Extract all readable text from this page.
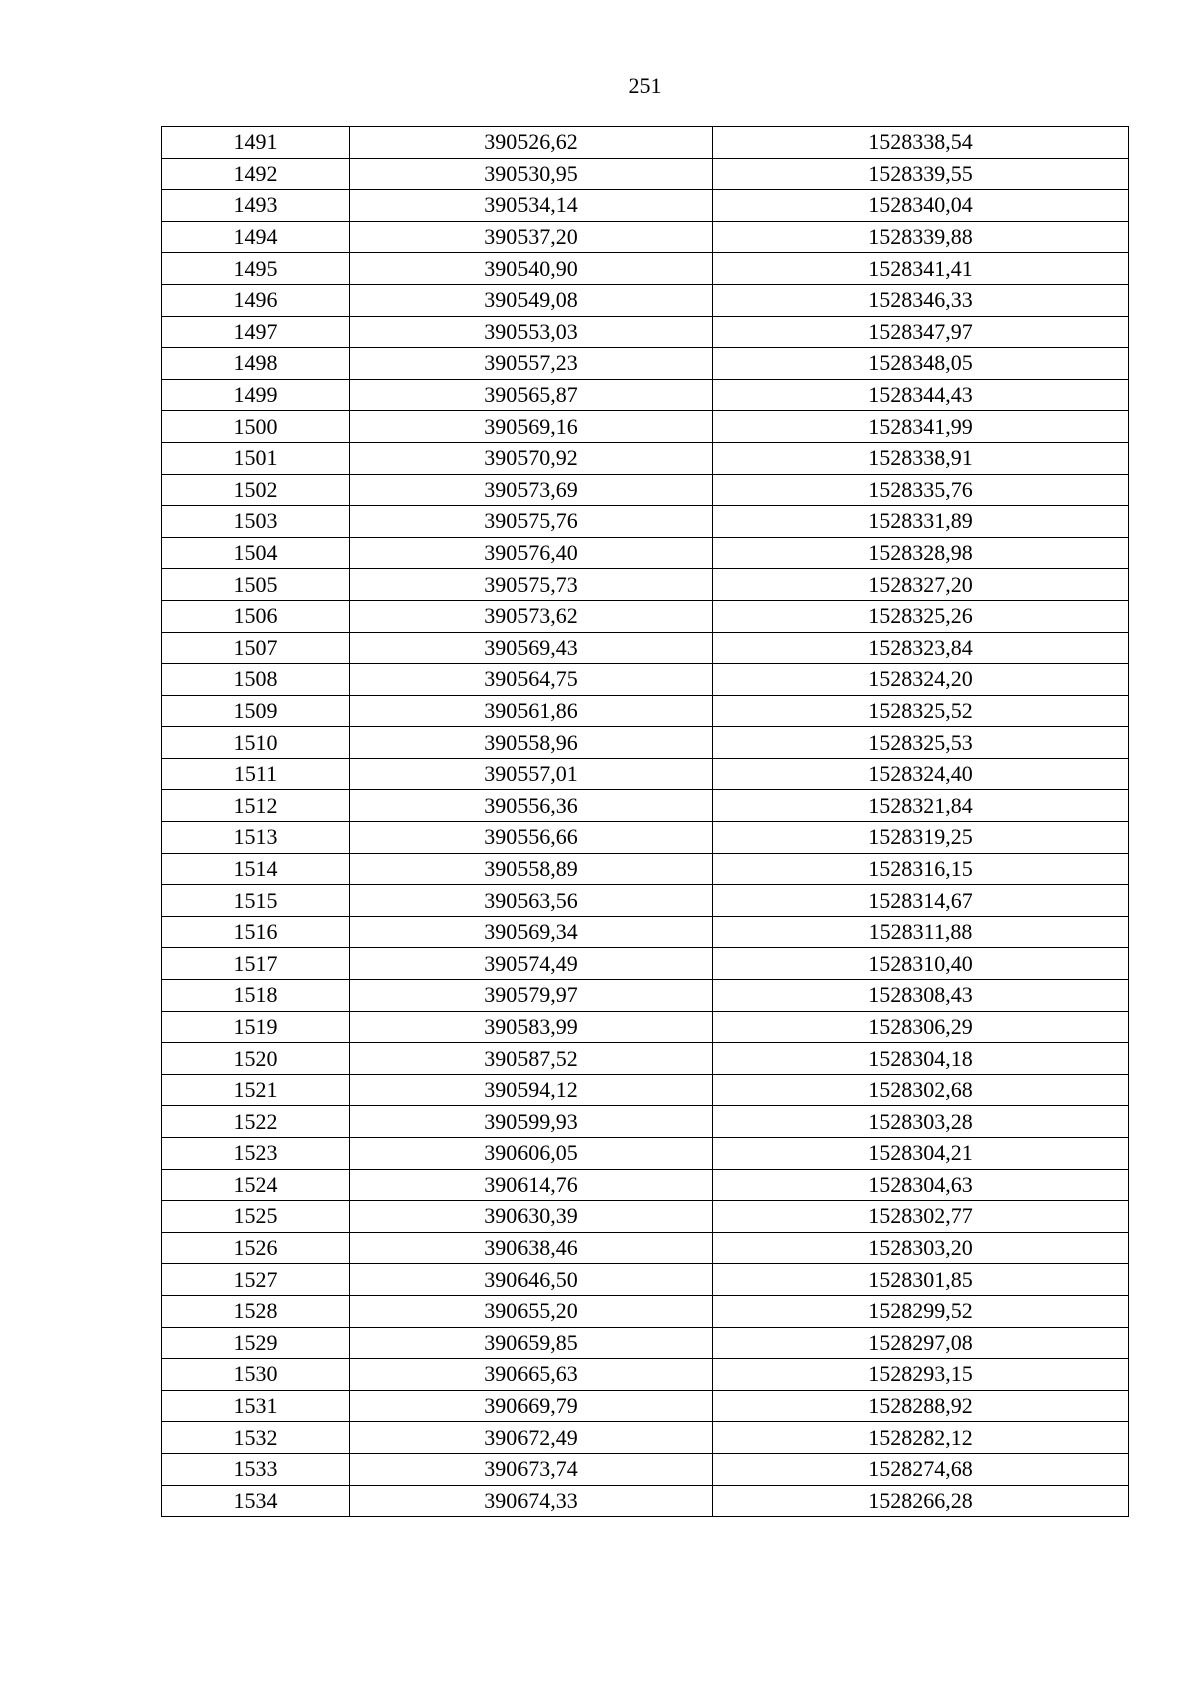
251
1491	390526,62	1528338,54
1492	390530,95	1528339,55
1493	390534,14	1528340,04
1494	390537,20	1528339,88
1495	390540,90	1528341,41
1496	390549,08	1528346,33
1497	390553,03	1528347,97
1498	390557,23	1528348,05
1499	390565,87	1528344,43
1500	390569,16	1528341,99
1501	390570,92	1528338,91
1502	390573,69	1528335,76
1503	390575,76	1528331,89
1504	390576,40	1528328,98
1505	390575,73	1528327,20
1506	390573,62	1528325,26
1507	390569,43	1528323,84
1508	390564,75	1528324,20
1509	390561,86	1528325,52
1510	390558,96	1528325,53
1511	390557,01	1528324,40
1512	390556,36	1528321,84
1513	390556,66	1528319,25
1514	390558,89	1528316,15
1515	390563,56	1528314,67
1516	390569,34	1528311,88
1517	390574,49	1528310,40
1518	390579,97	1528308,43
1519	390583,99	1528306,29
1520	390587,52	1528304,18
1521	390594,12	1528302,68
1522	390599,93	1528303,28
1523	390606,05	1528304,21
1524	390614,76	1528304,63
1525	390630,39	1528302,77
1526	390638,46	1528303,20
1527	390646,50	1528301,85
1528	390655,20	1528299,52
1529	390659,85	1528297,08
1530	390665,63	1528293,15
1531	390669,79	1528288,92
1532	390672,49	1528282,12
1533	390673,74	1528274,68
1534	390674,33	1528266,28
